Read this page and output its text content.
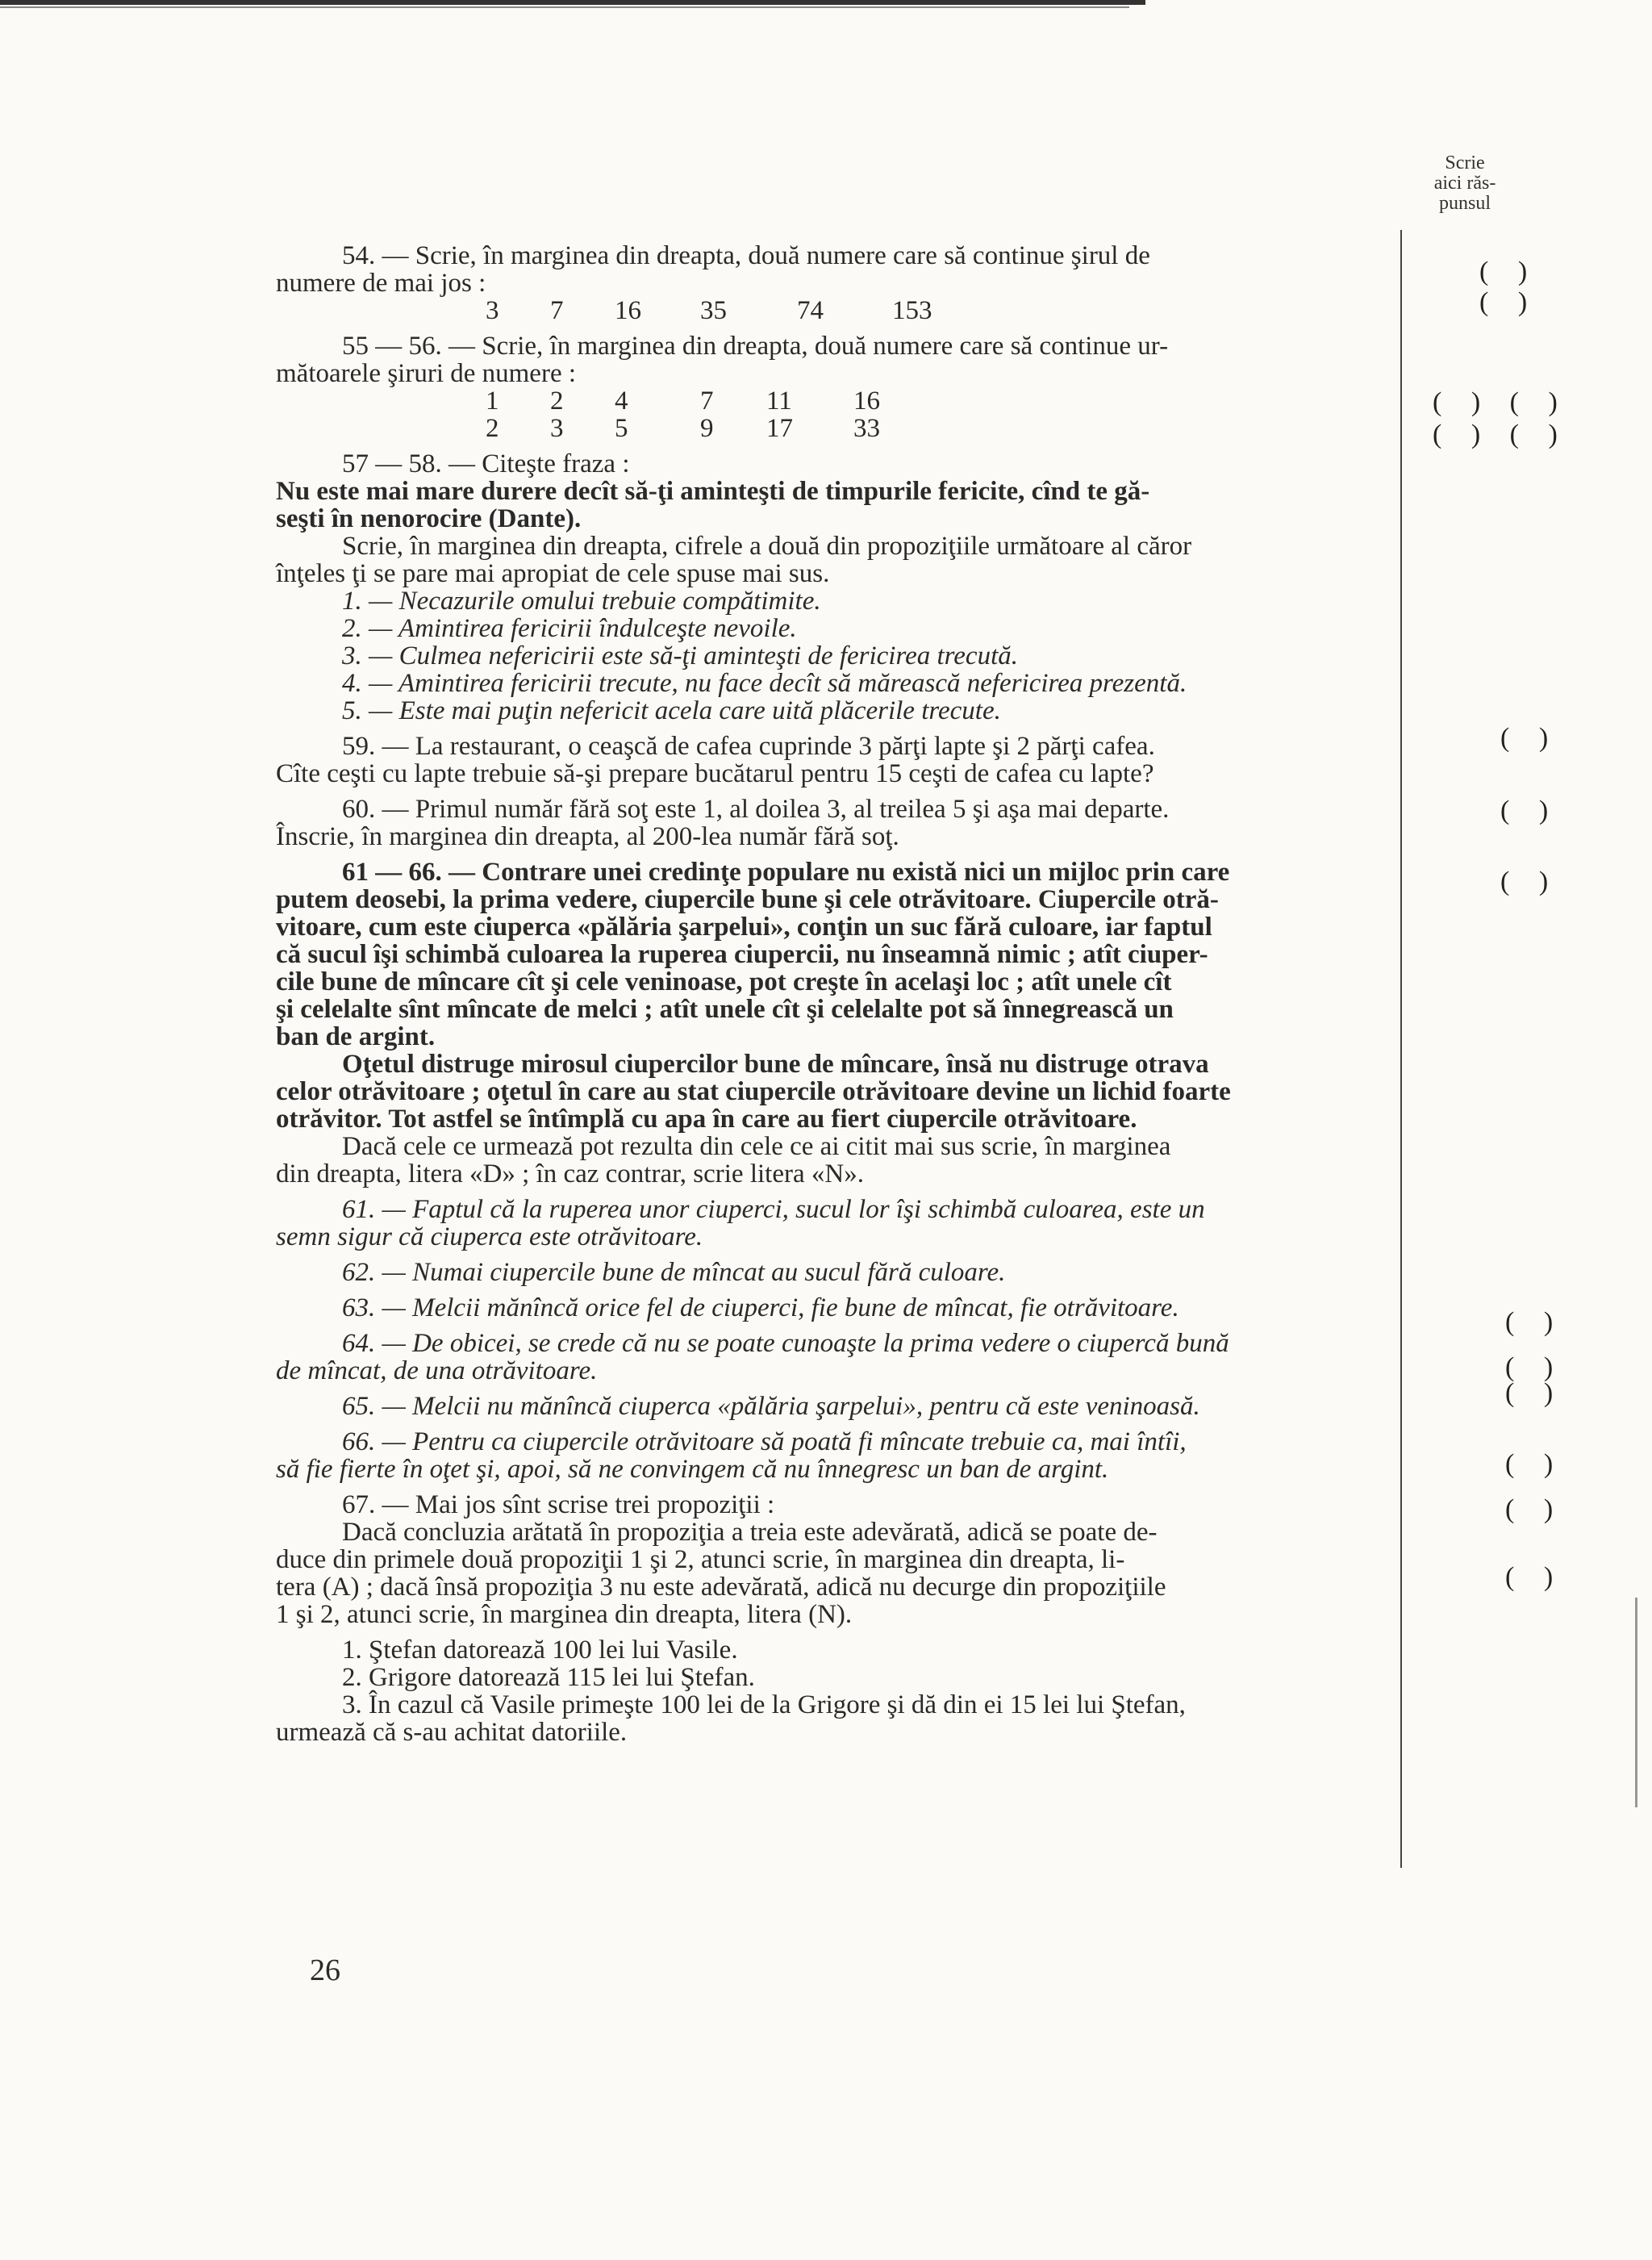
Scrie
aici răs-
punsul

54. — Scrie, în marginea din dreapta, două numere care să continue şirul de

numere de mai jos :

3	7	16	35	74	153

55 — 56. — Scrie, în marginea din dreapta, două numere care să continue ur-

mătoarele şiruri de numere :

1	2	4	7	11	16
2	3	5	9	17	33

57 — 58. — Citeşte fraza :

Nu este mai mare durere decît să-ţi aminteşti de timpurile fericite, cînd te gă-

seşti în nenorocire (Dante).

Scrie, în marginea din dreapta, cifrele a două din propoziţiile următoare al căror

înţeles ţi se pare mai apropiat de cele spuse mai sus.

1. — Necazurile omului trebuie compătimite.

2. — Amintirea fericirii îndulceşte nevoile.

3. — Culmea nefericirii este să-ţi aminteşti de fericirea trecută.

4. — Amintirea fericirii trecute, nu face decît să mărească nefericirea prezentă.

5. — Este mai puţin nefericit acela care uită plăcerile trecute.

59. — La restaurant, o ceaşcă de cafea cuprinde 3 părţi lapte şi 2 părţi cafea.

Cîte ceşti cu lapte trebuie să-şi prepare bucătarul pentru 15 ceşti de cafea cu lapte?

60. — Primul număr fără soţ este 1, al doilea 3, al treilea 5 şi aşa mai departe.

Înscrie, în marginea din dreapta, al 200-lea număr fără soţ.

61 — 66. — Contrare unei credinţe populare nu există nici un mijloc prin care

putem deosebi, la prima vedere, ciupercile bune şi cele otrăvitoare. Ciupercile otră-

vitoare, cum este ciuperca «pălăria şarpelui», conţin un suc fără culoare, iar faptul

că sucul îşi schimbă culoarea la ruperea ciupercii, nu înseamnă nimic ; atît ciuper-

cile bune de mîncare cît şi cele veninoase, pot creşte în acelaşi loc ; atît unele cît

şi celelalte sînt mîncate de melci ; atît unele cît şi celelalte pot să înnegrească un

ban de argint.

Oţetul distruge mirosul ciupercilor bune de mîncare, însă nu distruge otrava

celor otrăvitoare ; oţetul în care au stat ciupercile otrăvitoare devine un lichid foarte

otrăvitor. Tot astfel se întîmplă cu apa în care au fiert ciupercile otrăvitoare.

Dacă cele ce urmează pot rezulta din cele ce ai citit mai sus scrie, în marginea

din dreapta, litera «D» ; în caz contrar, scrie litera «N».

61. — Faptul că la ruperea unor ciuperci, sucul lor îşi schimbă culoarea, este un

semn sigur că ciuperca este otrăvitoare.

62. — Numai ciupercile bune de mîncat au sucul fără culoare.

63. — Melcii mănîncă orice fel de ciuperci, fie bune de mîncat, fie otrăvitoare.

64. — De obicei, se crede că nu se poate cunoaşte la prima vedere o ciupercă bună

de mîncat, de una otrăvitoare.

65. — Melcii nu mănîncă ciuperca «pălăria şarpelui», pentru că este veninoasă.

66. — Pentru ca ciupercile otrăvitoare să poată fi mîncate trebuie ca, mai întîi,

să fie fierte în oţet şi, apoi, să ne convingem că nu înnegresc un ban de argint.

67. — Mai jos sînt scrise trei propoziţii :

Dacă concluzia arătată în propoziţia a treia este adevărată, adică se poate de-

duce din primele două propoziţii 1 şi 2, atunci scrie, în marginea din dreapta, li-

tera (A) ; dacă însă propoziţia 3 nu este adevărată, adică nu decurge din propoziţiile

1 şi 2, atunci scrie, în marginea din dreapta, litera (N).

1. Ştefan datorează 100 lei lui Vasile.

2. Grigore datorează 115 lei lui Ştefan.

3. În cazul că Vasile primeşte 100 lei de la Grigore şi dă din ei 15 lei lui Ştefan,

urmează că s-au achitat datoriile.

26
( )
( )
( ) ( )
( ) ( )
( )
( )
( )
( )
( )
( )
( )
( )
( )
